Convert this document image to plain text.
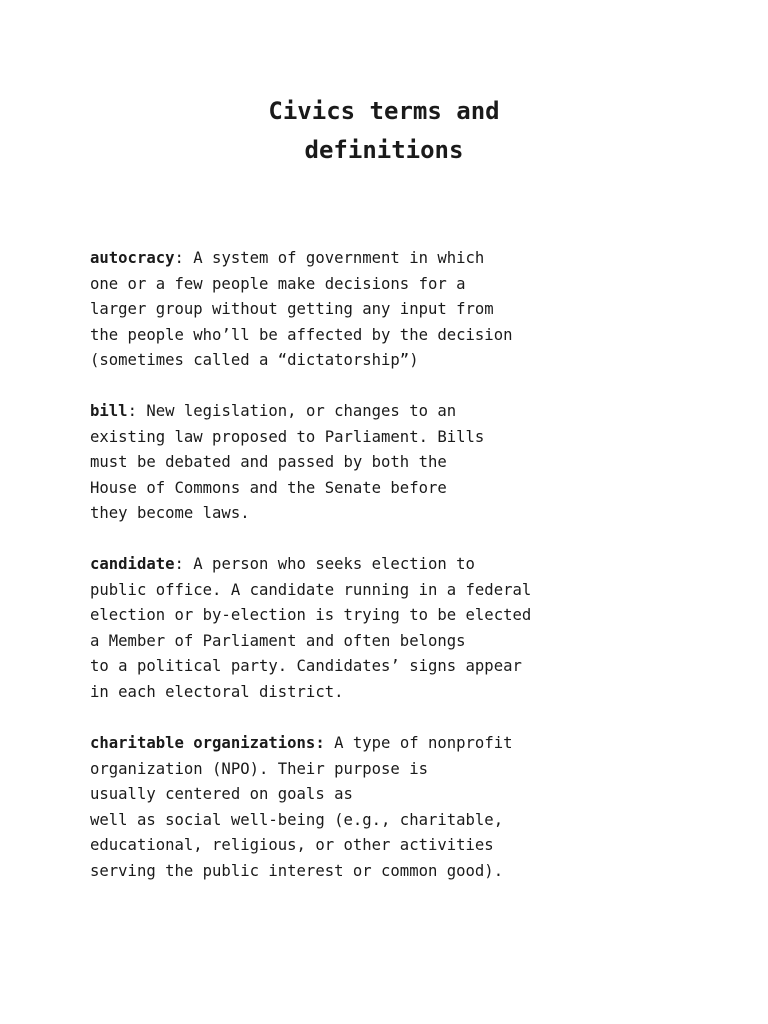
Civics terms and
definitions

autocracy: A system of government in which
one or a few people make decisions for a
larger group without getting any input from
the people who’ll be affected by the decision
(sometimes called a “dictatorship”)

bill: New legislation, or changes to an
existing law proposed to Parliament. Bills
must be debated and passed by both the
House of Commons and the Senate before
they become laws.

candidate: A person who seeks election to
public office. A candidate running in a federal
election or by-election is trying to be elected
a Member of Parliament and often belongs
to a political party. Candidates’ signs appear
in each electoral district.

charitable organizations: A type of nonprofit
organization (NPO). Their purpose is
usually centered on goals as
well as social well-being (e.g., charitable,
educational, religious, or other activities
serving the public interest or common good).
